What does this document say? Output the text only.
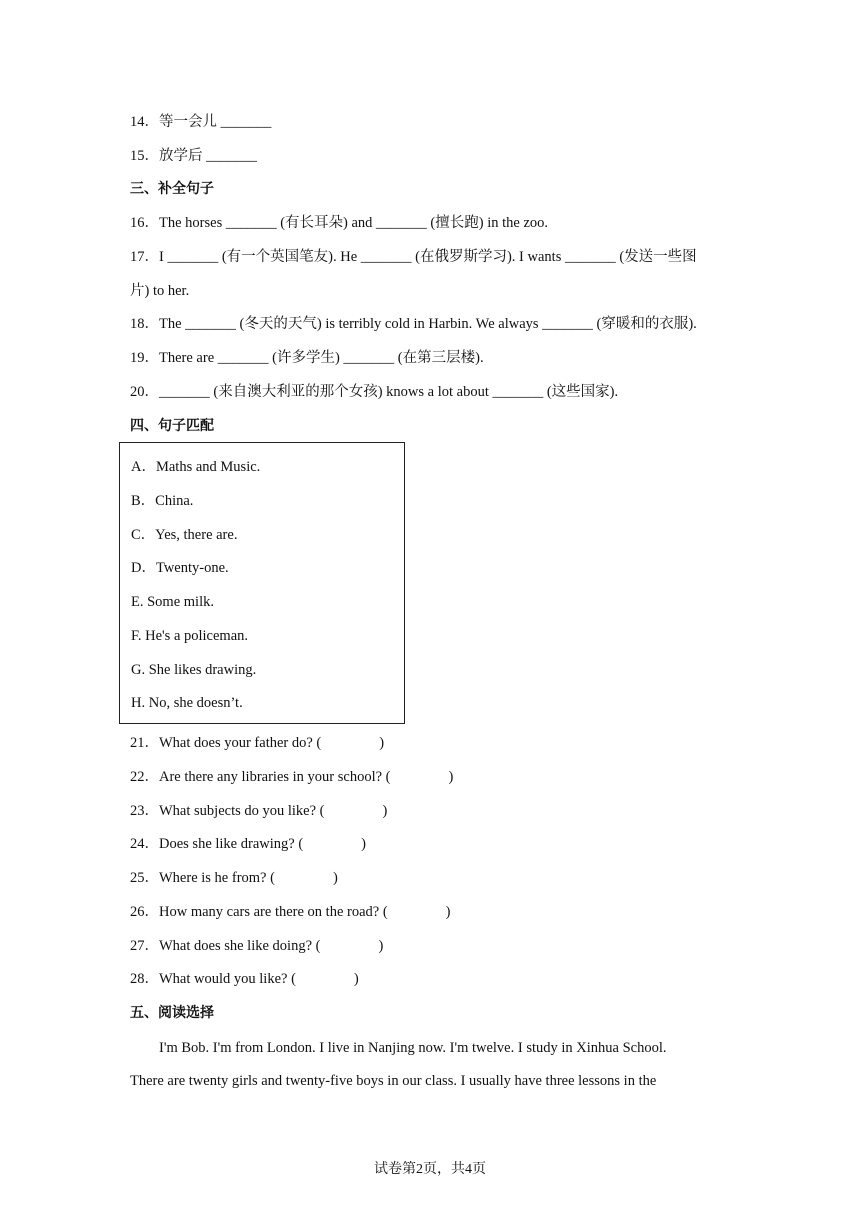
14．等一会儿 _______
15．放学后 _______
三、补全句子
16．The horses _______ (有长耳朵) and _______ (擅长跑) in the zoo.
17．I _______ (有一个英国笔友). He _______ (在俄罗斯学习). I wants _______ (发送一些图
片) to her.
18．The _______ (冬天的天气) is terribly cold in Harbin. We always _______ (穿暖和的衣服).
19．There are _______ (许多学生) _______ (在第三层楼).
20．_______ (来自澳大利亚的那个女孩) knows a lot about _______ (这些国家).
四、句子匹配
A．Maths and Music.
B．China.
C．Yes, there are.
D．Twenty-one.
E. Some milk.
F. He's a policeman.
G. She likes drawing.
H. No, she doesn’t.
21．What does your father do? (　　　　)
22．Are there any libraries in your school? (　　　　)
23．What subjects do you like? (　　　　)
24．Does she like drawing? (　　　　)
25．Where is he from? (　　　　)
26．How many cars are there on the road? (　　　　)
27．What does she like doing? (　　　　)
28．What would you like? (　　　　)
五、阅读选择
I'm Bob. I'm from London. I live in Nanjing now. I'm twelve. I study in Xinhua School.
There are twenty girls and twenty-five boys in our class. I usually have three lessons in the
试卷第2页，共4页
